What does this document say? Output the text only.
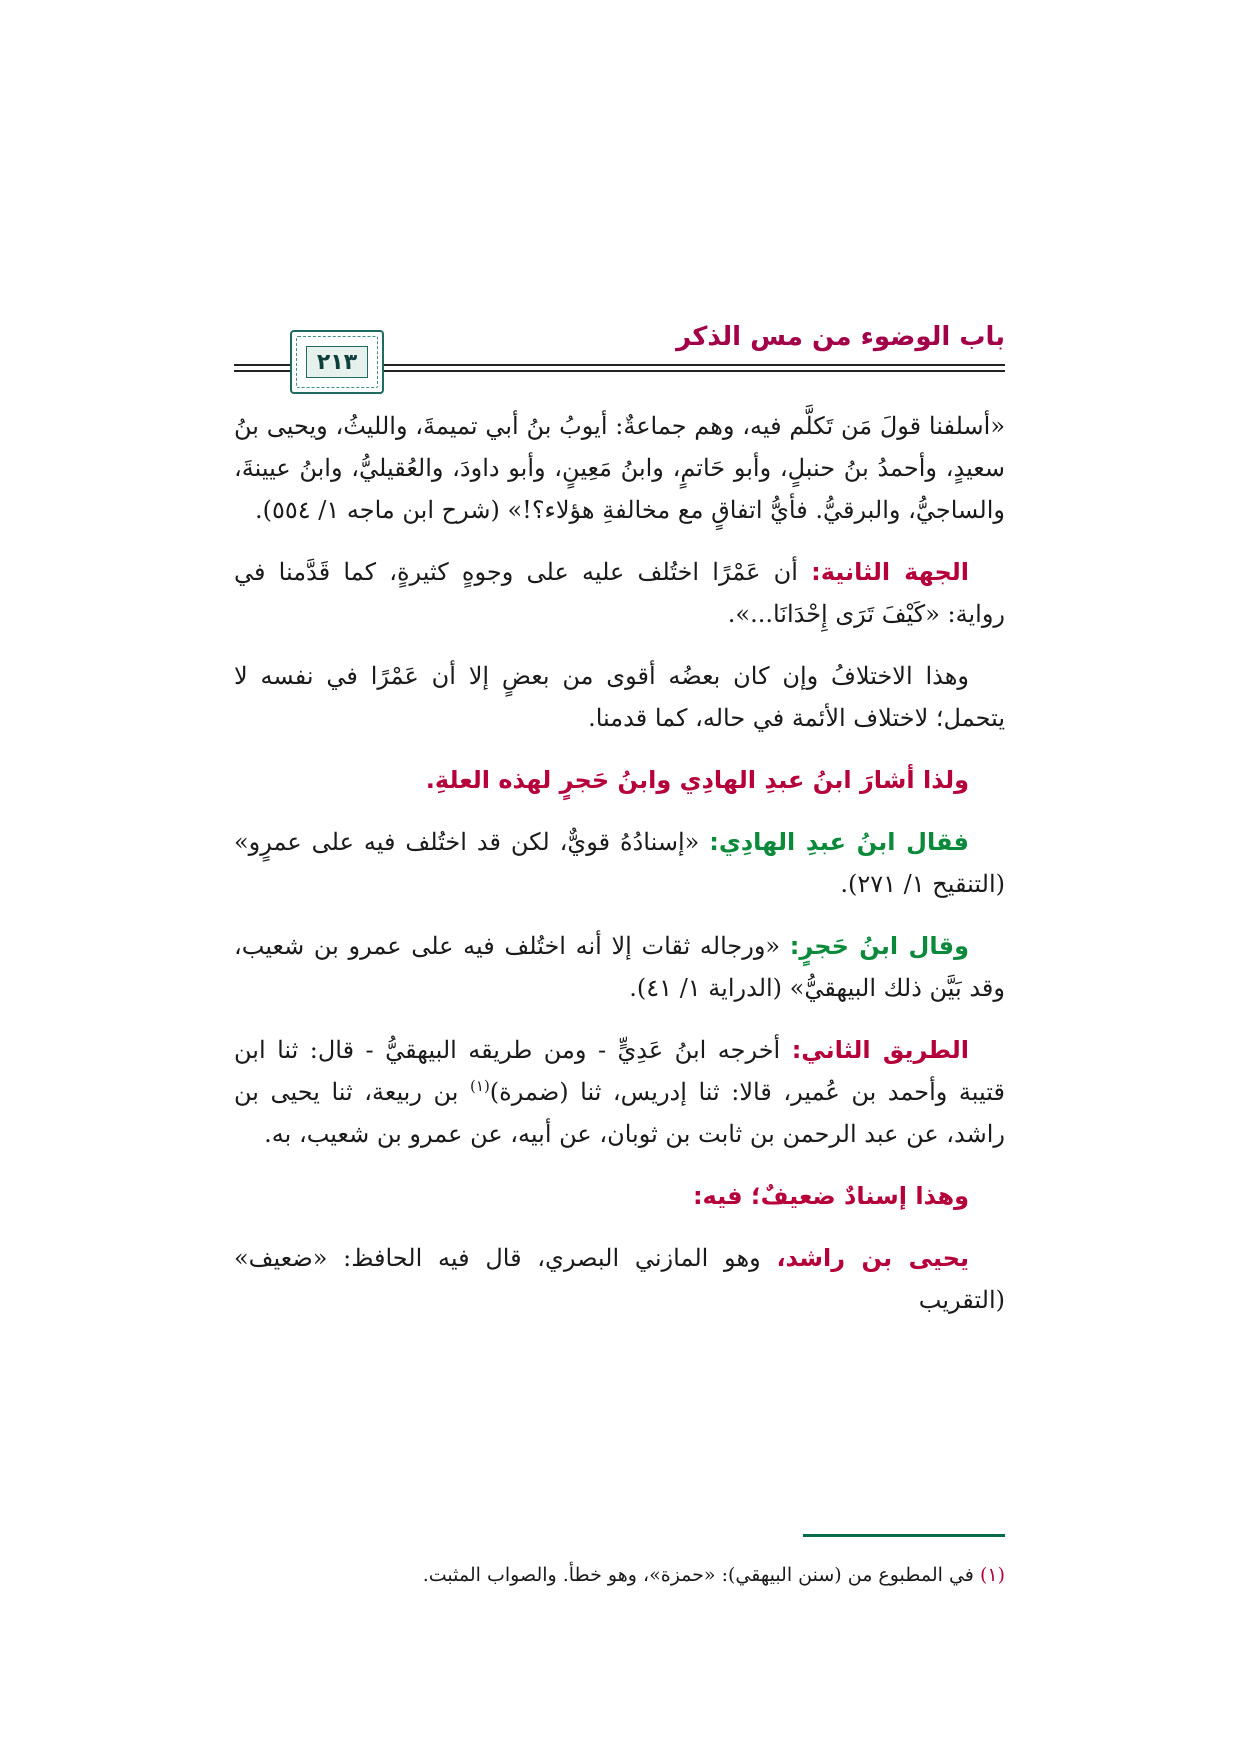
باب الوضوء من مس الذكر
٢١٣

«أسلفنا قولَ مَن تَكلَّم فيه، وهم جماعةٌ: أيوبُ بنُ أبي تميمةَ، والليثُ، ويحيى بنُ سعيدٍ، وأحمدُ بنُ حنبلٍ، وأبو حَاتمٍ، وابنُ مَعِينٍ، وأبو داودَ، والعُقيليُّ، وابنُ عيينةَ، والساجيُّ، والبرقيُّ. فأيُّ اتفاقٍ مع مخالفةِ هؤلاء؟!» (شرح ابن ماجه ١/ ٥٥٤).

الجهة الثانية: أن عَمْرًا اختُلف عليه على وجوهٍ كثيرةٍ، كما قَدَّمنا في رواية: «كَيْفَ تَرَى إِحْدَانَا...».

وهذا الاختلافُ وإن كان بعضُه أقوى من بعضٍ إلا أن عَمْرًا في نفسه لا يتحمل؛ لاختلاف الأئمة في حاله، كما قدمنا.

ولذا أشارَ ابنُ عبدِ الهادِي وابنُ حَجرٍ لهذه العلةِ.

فقال ابنُ عبدِ الهادِي: «إسنادُهُ قويٌّ، لكن قد اختُلف فيه على عمرٍو» (التنقيح ١/ ٢٧١).

وقال ابنُ حَجرٍ: «ورجاله ثقات إلا أنه اختُلف فيه على عمرو بن شعيب، وقد بَيَّن ذلك البيهقيُّ» (الدراية ١/ ٤١).

الطريق الثاني: أخرجه ابنُ عَدِيٍّ - ومن طريقه البيهقيُّ - قال: ثنا ابن قتيبة وأحمد بن عُمير، قالا: ثنا إدريس، ثنا (ضمرة)$^{(١)}$ بن ربيعة، ثنا يحيى بن راشد، عن عبد الرحمن بن ثابت بن ثوبان، عن أبيه، عن عمرو بن شعيب، به.

وهذا إسنادٌ ضعيفٌ؛ فيه:

يحيى بن راشد، وهو المازني البصري، قال فيه الحافظ: «ضعيف» (التقريب

(١) في المطبوع من (سنن البيهقي): «حمزة»، وهو خطأ. والصواب المثبت.
